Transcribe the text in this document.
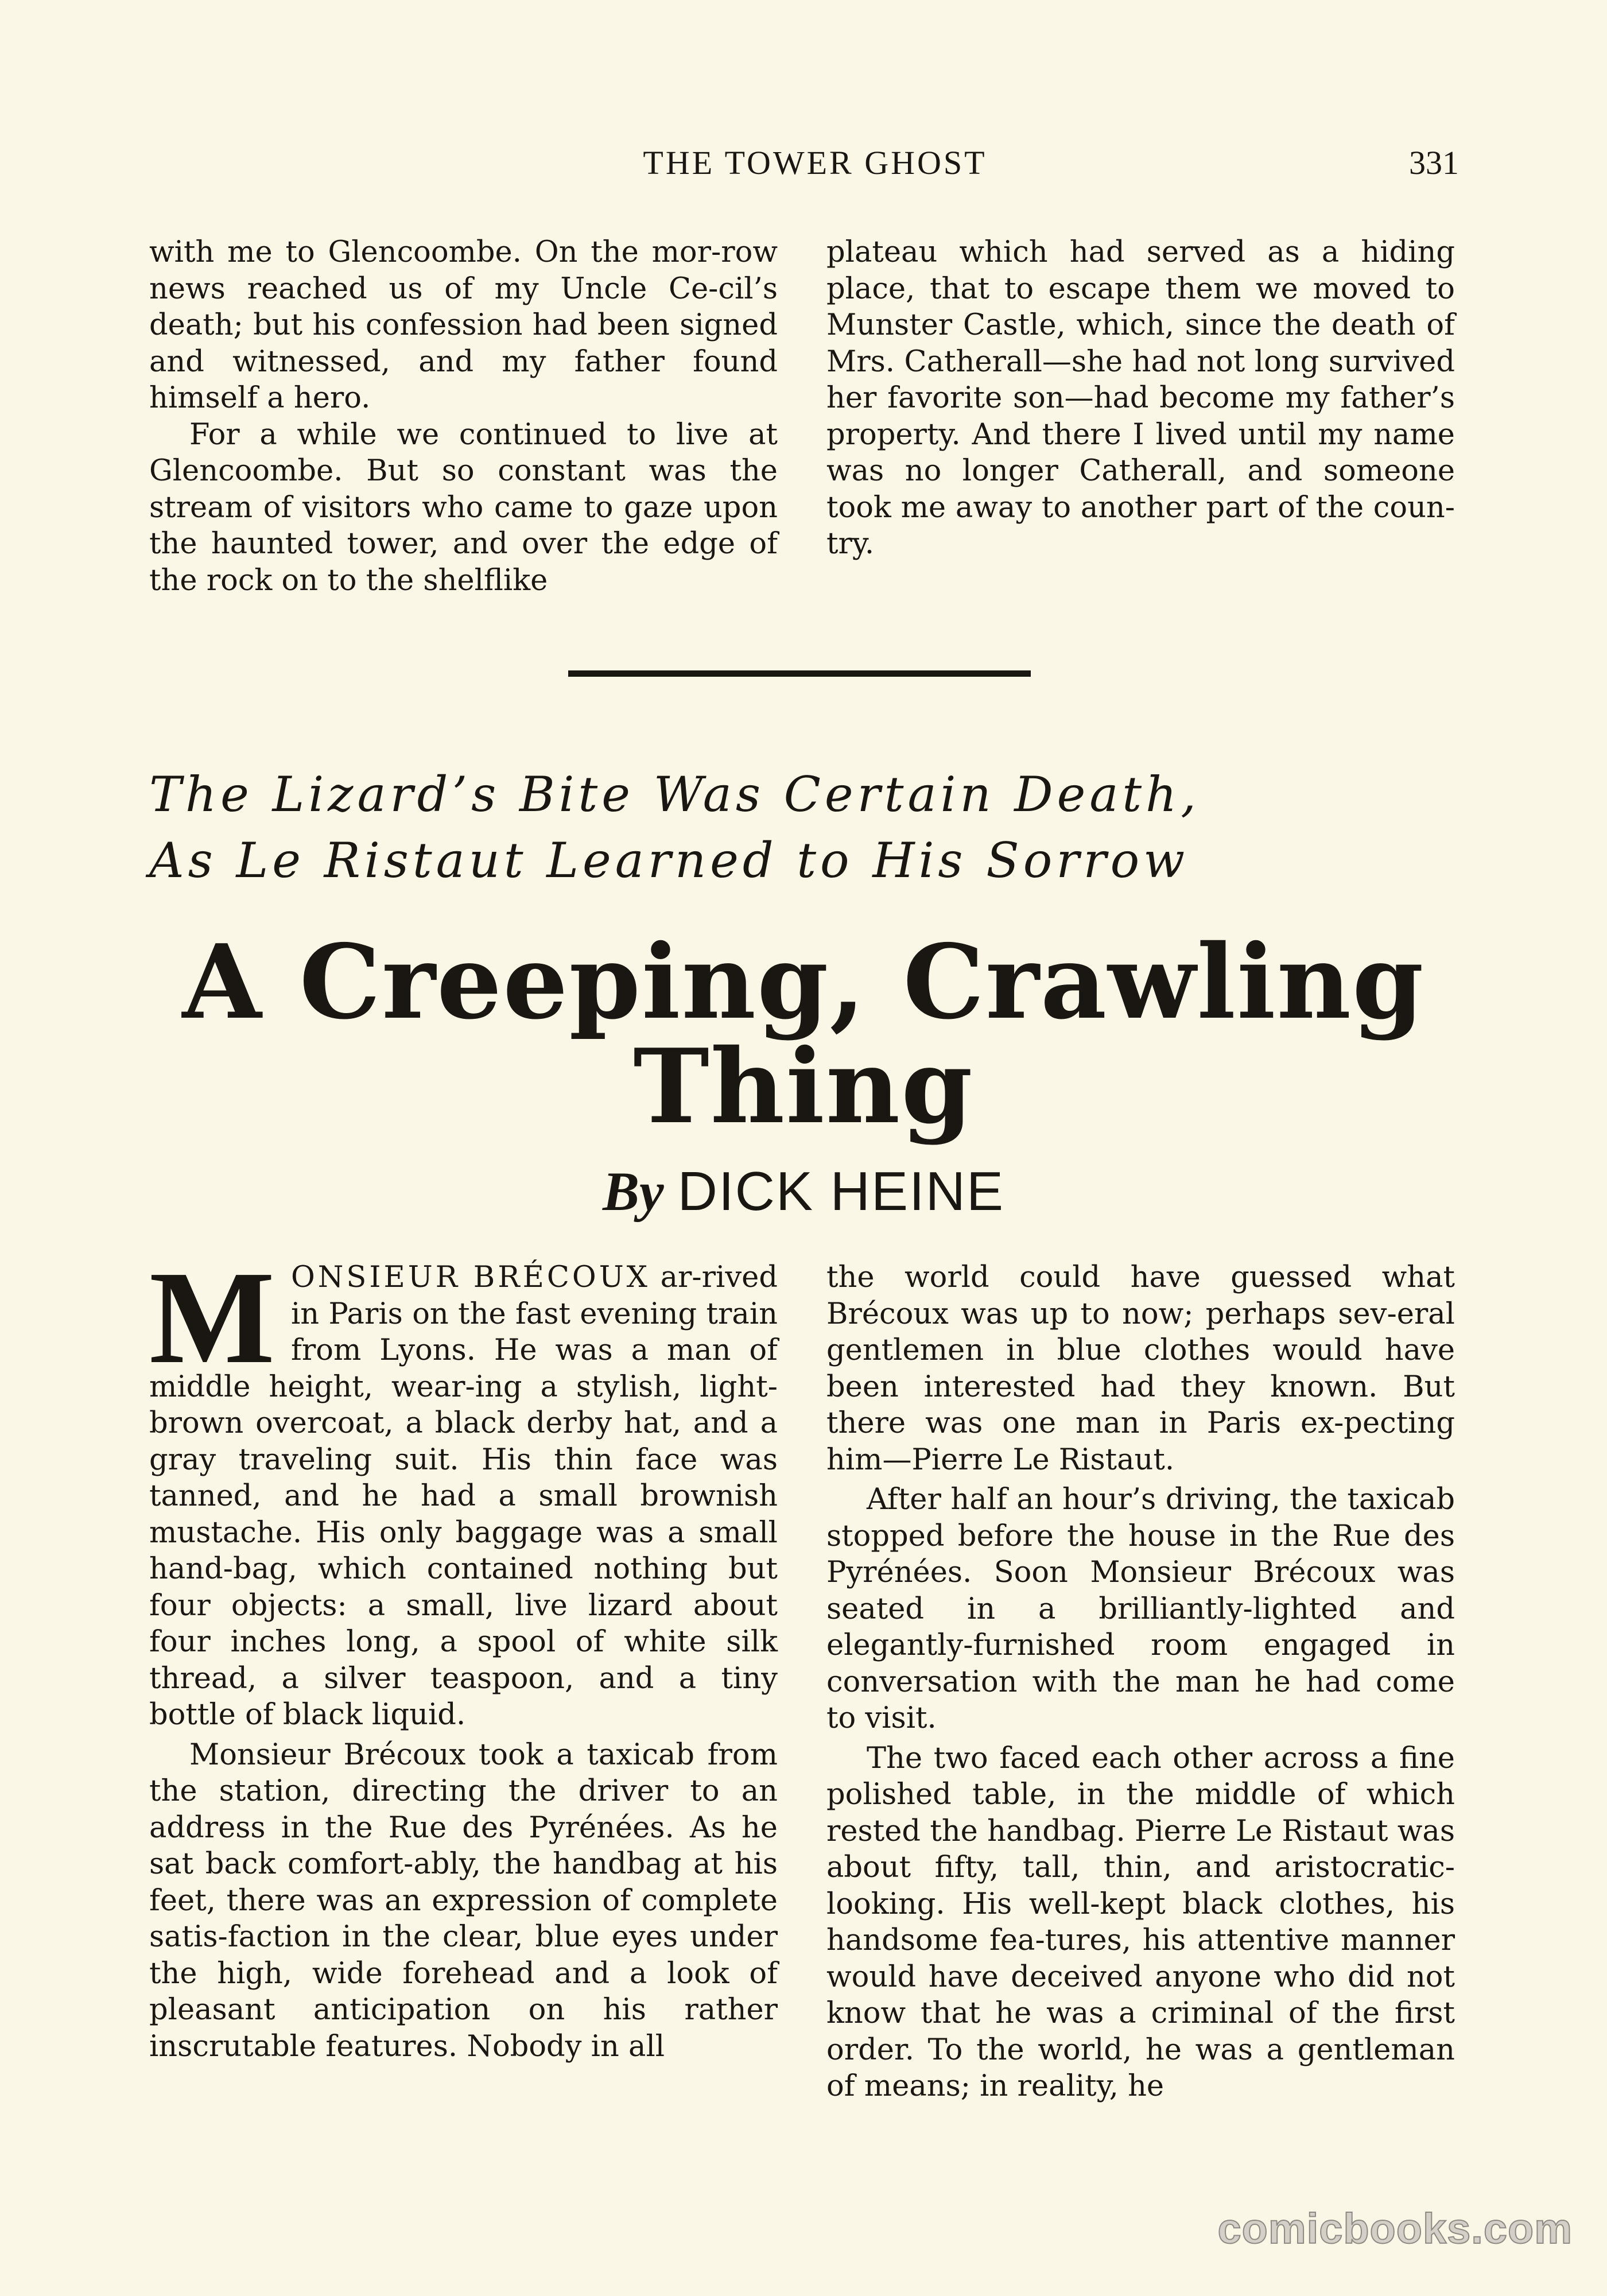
THE TOWER GHOST	331

with me to Glencoombe. On the mor-row news reached us of my Uncle Ce-cil’s death; but his confession had been signed and witnessed, and my father found himself a hero.

For a while we continued to live at Glencoombe. But so constant was the stream of visitors who came to gaze upon the haunted tower, and over the edge of the rock on to the shelflike

plateau which had served as a hiding place, that to escape them we moved to Munster Castle, which, since the death of Mrs. Catherall—she had not long survived her favorite son—had become my father’s property. And there I lived until my name was no longer Catherall, and someone took me away to another part of the coun-try.

The Lizard’s Bite Was Certain Death,
As Le Ristaut Learned to His Sorrow
A Creeping, Crawling
Thing
By DICK HEINE

MONSIEUR BRÉCOUX ar-rived in Paris on the fast evening train from Lyons. He was a man of middle height, wear-ing a stylish, light-brown overcoat, a black derby hat, and a gray traveling suit. His thin face was tanned, and he had a small brownish mustache. His only baggage was a small hand-bag, which contained nothing but four objects: a small, live lizard about four inches long, a spool of white silk thread, a silver teaspoon, and a tiny bottle of black liquid.

Monsieur Brécoux took a taxicab from the station, directing the driver to an address in the Rue des Pyrénées. As he sat back comfort-ably, the handbag at his feet, there was an expression of complete satis-faction in the clear, blue eyes under the high, wide forehead and a look of pleasant anticipation on his rather inscrutable features. Nobody in all

the world could have guessed what Brécoux was up to now; perhaps sev-eral gentlemen in blue clothes would have been interested had they known. But there was one man in Paris ex-pecting him—Pierre Le Ristaut.

After half an hour’s driving, the taxicab stopped before the house in the Rue des Pyrénées. Soon Monsieur Brécoux was seated in a brilliantly-lighted and elegantly-furnished room engaged in conversation with the man he had come to visit.

The two faced each other across a fine polished table, in the middle of which rested the handbag. Pierre Le Ristaut was about fifty, tall, thin, and aristocratic-looking. His well-kept black clothes, his handsome fea-tures, his attentive manner would have deceived anyone who did not know that he was a criminal of the first order. To the world, he was a gentleman of means; in reality, he

comicbooks.com
